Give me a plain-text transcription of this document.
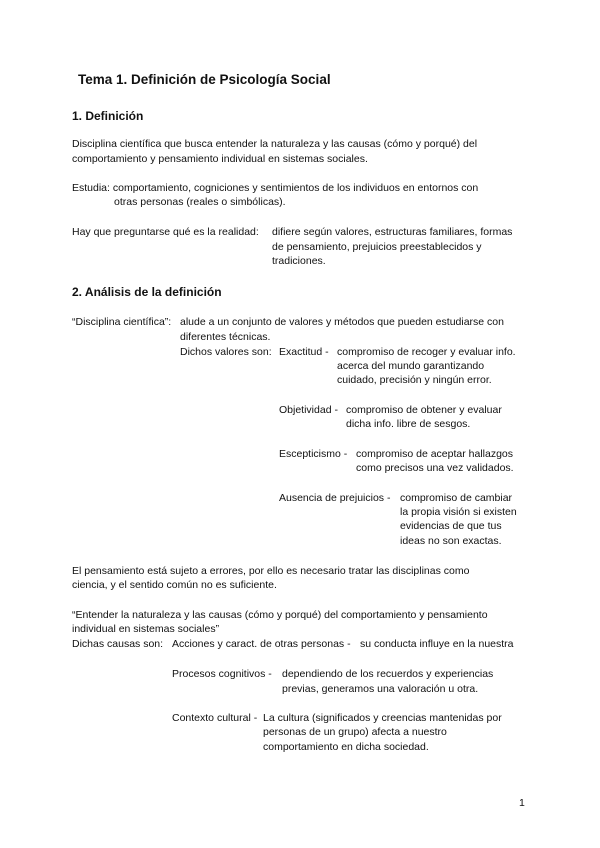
Tema 1. Definición de Psicología Social
1. Definición
Disciplina científica que busca entender la naturaleza y las causas (cómo y porqué) del
comportamiento y pensamiento individual en sistemas sociales.
Estudia: comportamiento, cogniciones y sentimientos de los individuos en entornos con
otras personas (reales o simbólicas).
Hay que preguntarse qué es la realidad: difiere según valores, estructuras familiares, formas
de pensamiento, prejuicios preestablecidos y
tradiciones.
2. Análisis de la definición
“Disciplina científica”: alude a un conjunto de valores y métodos que pueden estudiarse con
diferentes técnicas.
Dichos valores son: Exactitud - compromiso de recoger y evaluar info.
acerca del mundo garantizando
cuidado, precisión y ningún error.
Objetividad - compromiso de obtener y evaluar
dicha info. libre de sesgos.
Escepticismo - compromiso de aceptar hallazgos
como precisos una vez validados.
Ausencia de prejuicios - compromiso de cambiar
la propia visión si existen
evidencias de que tus
ideas no son exactas.
El pensamiento está sujeto a errores, por ello es necesario tratar las disciplinas como
ciencia, y el sentido común no es suficiente.
“Entender la naturaleza y las causas (cómo y porqué) del comportamiento y pensamiento
individual en sistemas sociales”
Dichas causas son: Acciones y caract. de otras personas - su conducta influye en la nuestra
Procesos cognitivos - dependiendo de los recuerdos y experiencias
previas, generamos una valoración u otra.
Contexto cultural - La cultura (significados y creencias mantenidas por
personas de un grupo) afecta a nuestro
comportamiento en dicha sociedad.
1
